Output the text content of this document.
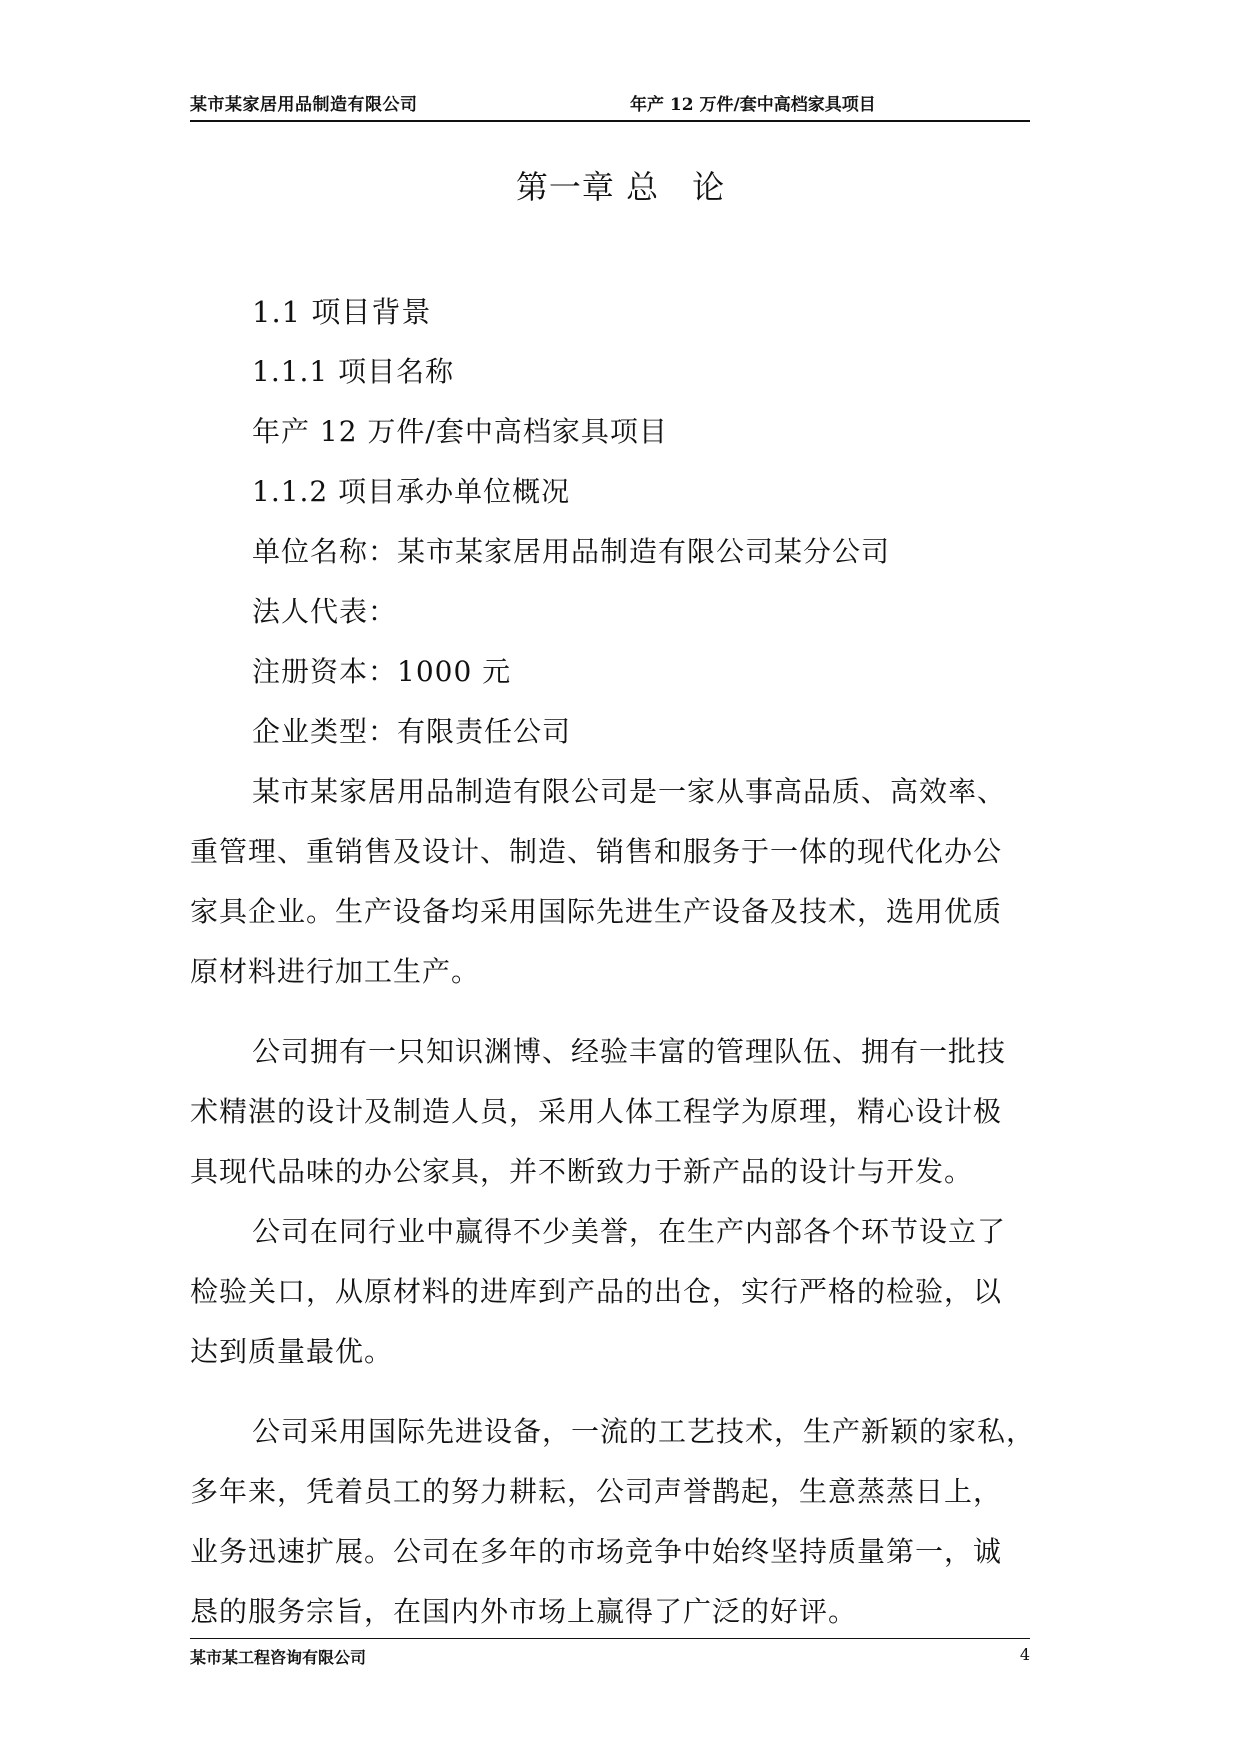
某市某家居用品制造有限公司	年产 12 万件/套中高档家具项目
第一章 总　论
1.1 项目背景
1.1.1 项目名称
年产 12 万件/套中高档家具项目
1.1.2 项目承办单位概况
单位名称：某市某家居用品制造有限公司某分公司
法人代表：
注册资本：1000 元
企业类型：有限责任公司
某市某家居用品制造有限公司是一家从事高品质、高效率、
重管理、重销售及设计、制造、销售和服务于一体的现代化办公
家具企业。生产设备均采用国际先进生产设备及技术，选用优质
原材料进行加工生产。
公司拥有一只知识渊博、经验丰富的管理队伍、拥有一批技
术精湛的设计及制造人员，采用人体工程学为原理，精心设计极
具现代品味的办公家具，并不断致力于新产品的设计与开发。
公司在同行业中赢得不少美誉，在生产内部各个环节设立了
检验关口，从原材料的进库到产品的出仓，实行严格的检验，以
达到质量最优。
公司采用国际先进设备，一流的工艺技术，生产新颖的家私，
多年来，凭着员工的努力耕耘，公司声誉鹊起，生意蒸蒸日上，
业务迅速扩展。公司在多年的市场竞争中始终坚持质量第一，诚
恳的服务宗旨，在国内外市场上赢得了广泛的好评。
某市某工程咨询有限公司	4
